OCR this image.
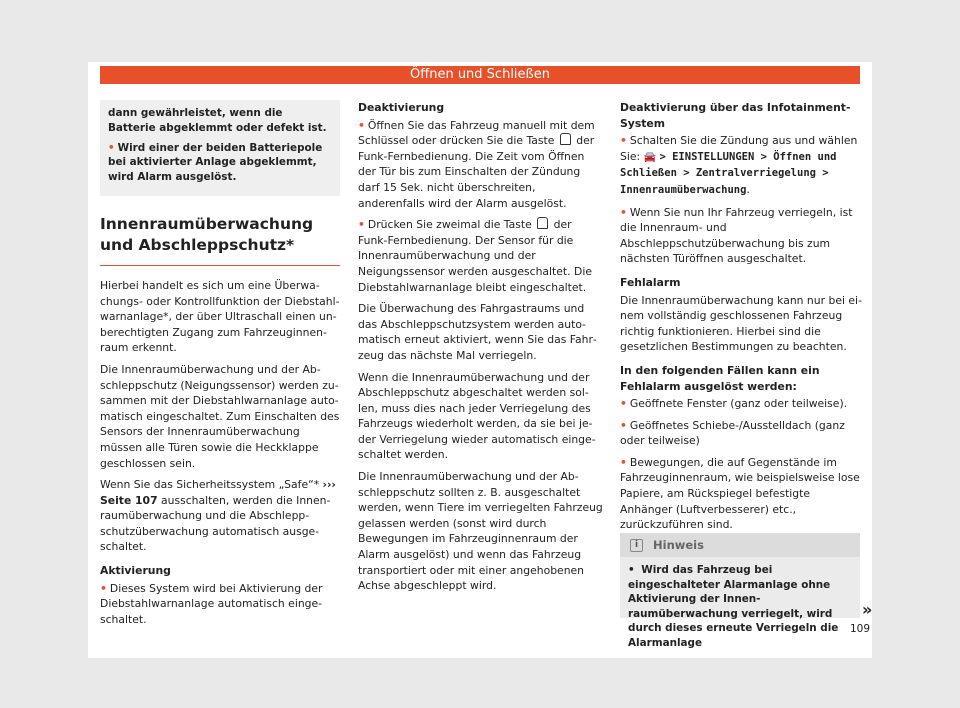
Öffnen und Schließen

dann gewährleistet, wenn die Batterie abgeklemmt oder defekt ist.

• Wird einer der beiden Batteriepole bei aktivierter Anlage abgeklemmt, wird Alarm ausgelöst.

Innenraumüberwachung und Abschleppschutz*

Hierbei handelt es sich um eine Überwachungs- oder Kontrollfunktion der Diebstahlwarnanlage*, der über Ultraschall einen unberechtigten Zugang zum Fahrzeuginnenraum erkennt.

Die Innenraumüberwachung und der Abschleppschutz (Neigungssensor) werden zusammen mit der Diebstahlwarnanlage automatisch eingeschaltet. Zum Einschalten des Sensors der Innenraumüberwachung müssen alle Türen sowie die Heckklappe geschlossen sein.

Wenn Sie das Sicherheitssystem „Safe“* ››› Seite 107 ausschalten, werden die Innenraumüberwachung und die Abschleppschutzüberwachung automatisch ausgeschaltet.

Aktivierung

• Dieses System wird bei Aktivierung der Diebstahlwarnanlage automatisch eingeschaltet.

Deaktivierung

• Öffnen Sie das Fahrzeug manuell mit dem Schlüssel oder drücken Sie die Taste  der Funk-Fernbedienung. Die Zeit vom Öffnen der Tür bis zum Einschalten der Zündung darf 15 Sek. nicht überschreiten, anderenfalls wird der Alarm ausgelöst.

• Drücken Sie zweimal die Taste  der Funk-Fernbedienung. Der Sensor für die Innenraumüberwachung und der Neigungssensor werden ausgeschaltet. Die Diebstahlwarnanlage bleibt eingeschaltet.

Die Überwachung des Fahrgastraums und das Abschleppschutzsystem werden automatisch erneut aktiviert, wenn Sie das Fahrzeug das nächste Mal verriegeln.

Wenn die Innenraumüberwachung und der Abschleppschutz abgeschaltet werden sollen, muss dies nach jeder Verriegelung des Fahrzeugs wiederholt werden, da sie bei jeder Verriegelung wieder automatisch eingeschaltet werden.

Die Innenraumüberwachung und der Abschleppschutz sollten z. B. ausgeschaltet werden, wenn Tiere im verriegelten Fahrzeug gelassen werden (sonst wird durch Bewegungen im Fahrzeuginnenraum der Alarm ausgelöst) und wenn das Fahrzeug transportiert oder mit einer angehobenen Achse abgeschleppt wird.

Deaktivierung über das Infotainment-System

• Schalten Sie die Zündung aus und wählen Sie: 🚘 > EINSTELLUNGEN > Öffnen und Schließen > Zentralverriegelung > Innenraumüberwachung.

• Wenn Sie nun Ihr Fahrzeug verriegeln, ist die Innenraum- und Abschleppschutzüberwachung bis zum nächsten Türöffnen ausgeschaltet.

Fehlalarm

Die Innenraumüberwachung kann nur bei einem vollständig geschlossenen Fahrzeug richtig funktionieren. Hierbei sind die gesetzlichen Bestimmungen zu beachten.

In den folgenden Fällen kann ein Fehlalarm ausgelöst werden:

• Geöffnete Fenster (ganz oder teilweise).

• Geöffnetes Schiebe-/Ausstelldach (ganz oder teilweise)

• Bewegungen, die auf Gegenstände im Fahrzeuginnenraum, wie beispielsweise lose Papiere, am Rückspiegel befestigte Anhänger (Luftverbesserer) etc., zurückzuführen sind.

i Hinweis
• Wird das Fahrzeug bei eingeschalteter Alarmanlage ohne Aktivierung der Innenraumüberwachung verriegelt, wird durch dieses erneute Verriegeln die Alarmanlage
»
109
